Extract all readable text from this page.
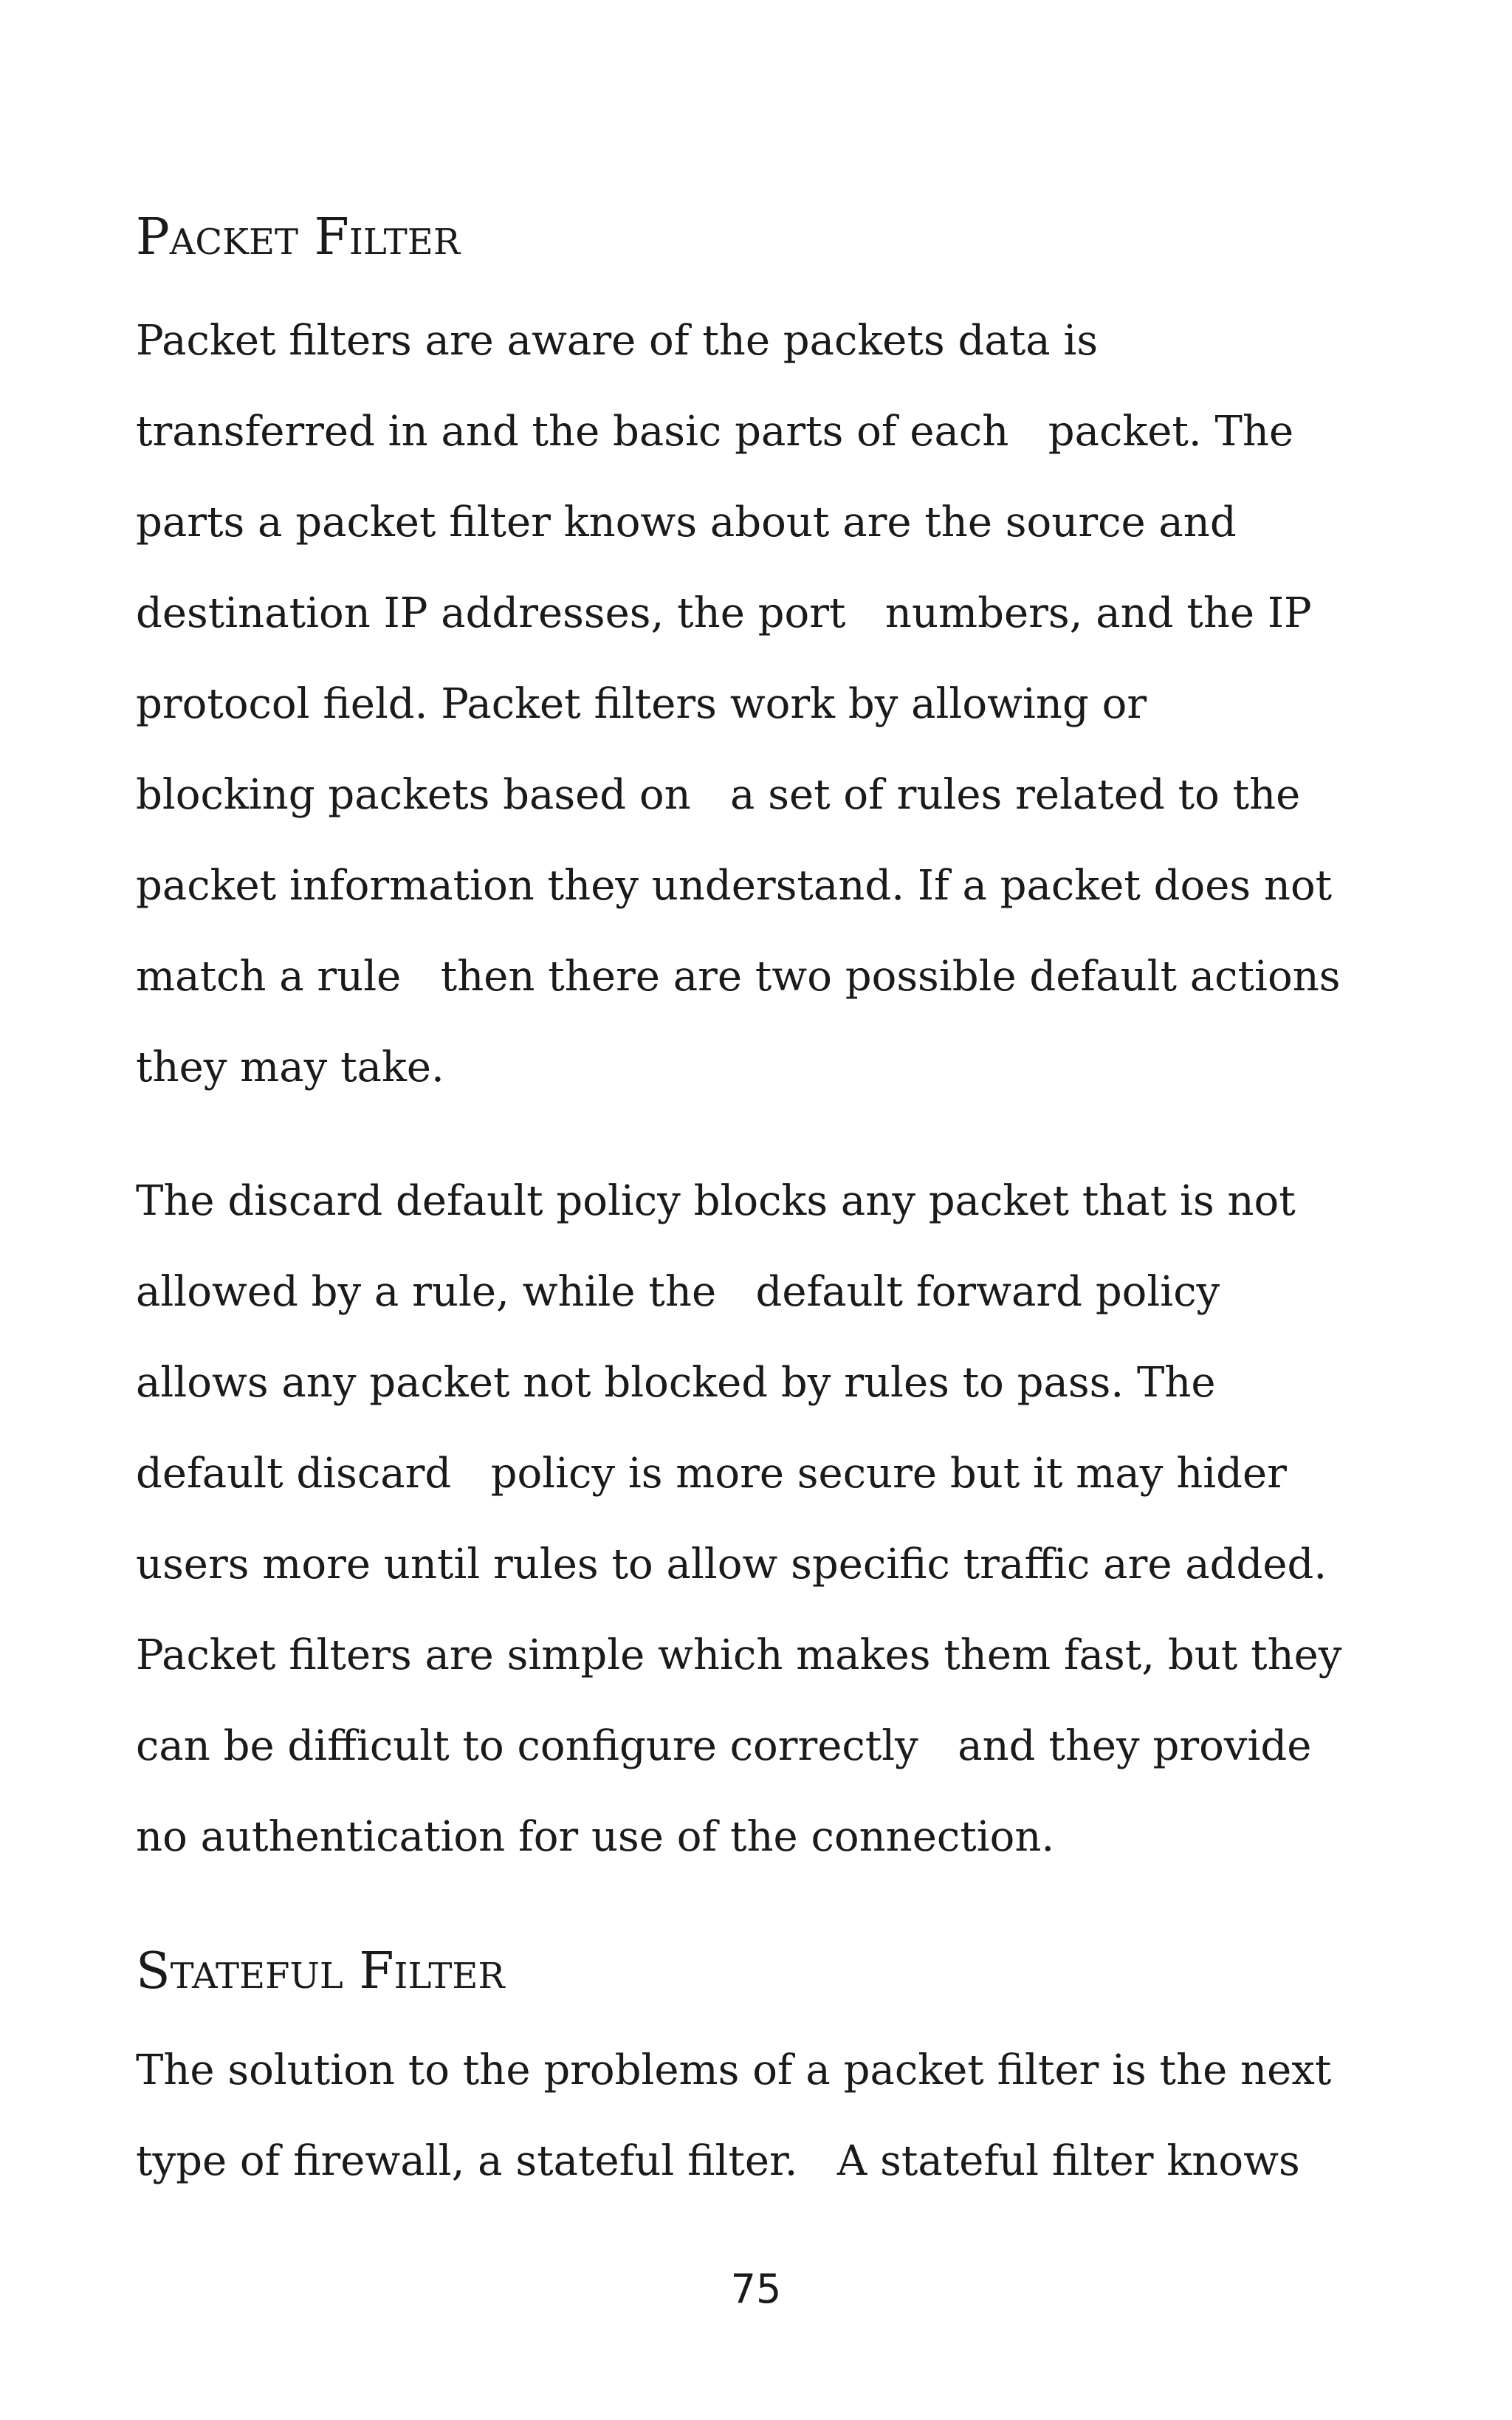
Packet Filter
Packet filters are aware of the packets data is
transferred in and the basic parts of each   packet. The
parts a packet filter knows about are the source and
destination IP addresses, the port   numbers, and the IP
protocol field. Packet filters work by allowing or
blocking packets based on   a set of rules related to the
packet information they understand. If a packet does not
match a rule   then there are two possible default actions
they may take.
The discard default policy blocks any packet that is not
allowed by a rule, while the   default forward policy
allows any packet not blocked by rules to pass. The
default discard   policy is more secure but it may hider
users more until rules to allow specific traffic are added.
Packet filters are simple which makes them fast, but they
can be difficult to configure correctly   and they provide
no authentication for use of the connection.
Stateful Filter
The solution to the problems of a packet filter is the next
type of firewall, a stateful filter.   A stateful filter knows
75
